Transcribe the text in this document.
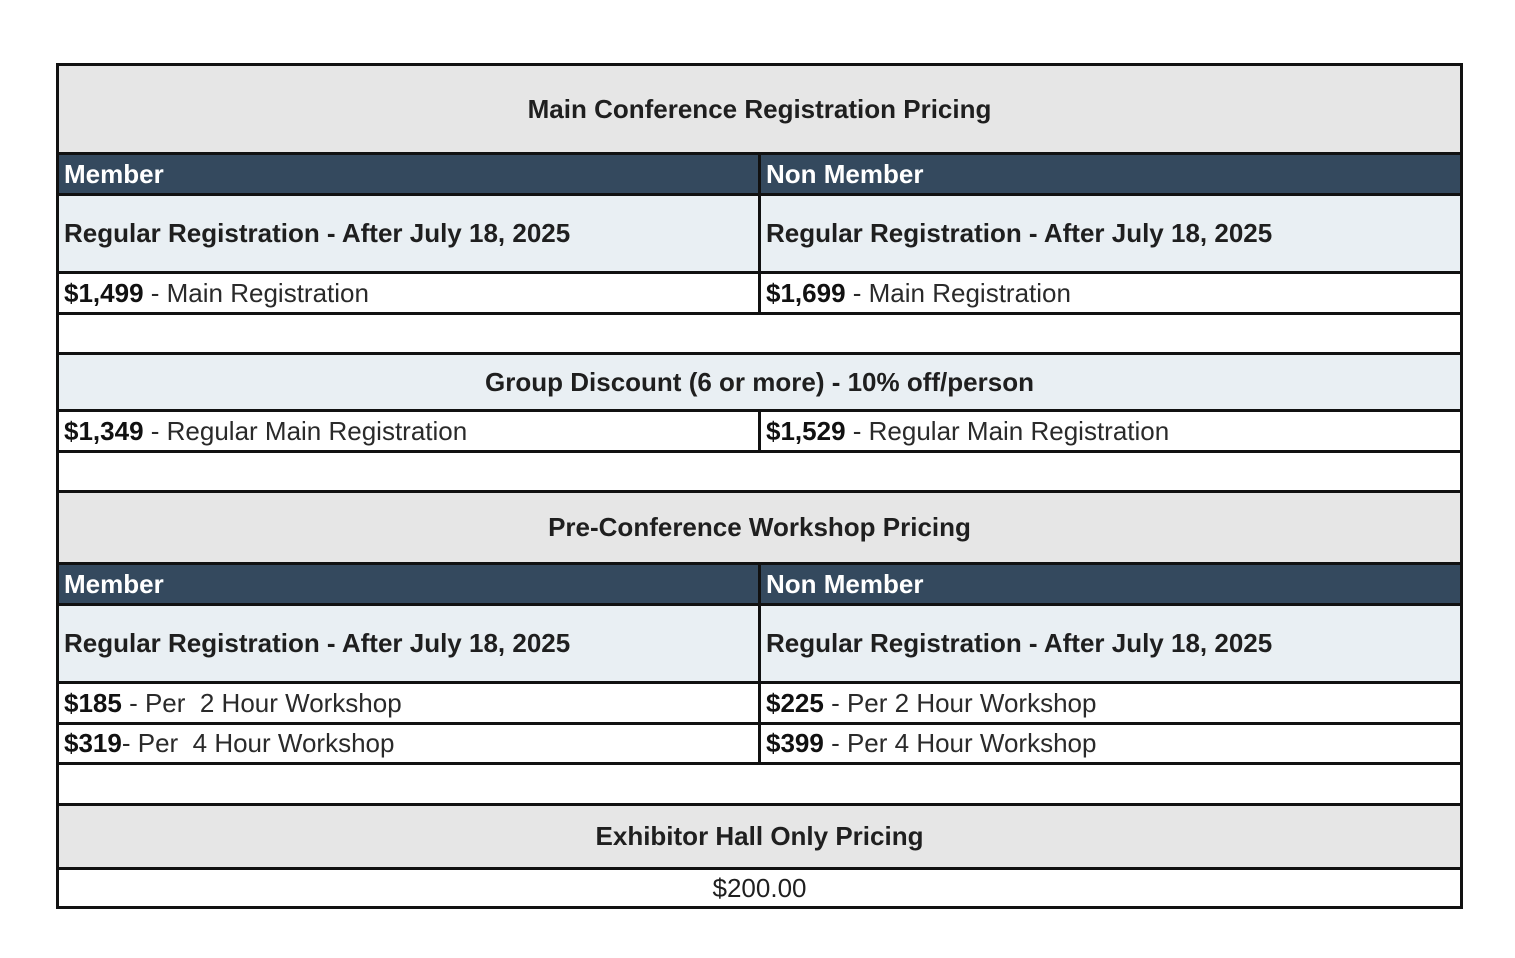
Main Conference Registration Pricing
Member	Non Member
Regular Registration - After July 18, 2025	Regular Registration - After July 18, 2025
$1,499 - Main Registration	$1,699 - Main Registration
Group Discount (6 or more) - 10% off/person
$1,349 - Regular Main Registration	$1,529 - Regular Main Registration
Pre-Conference Workshop Pricing
Member	Non Member
Regular Registration - After July 18, 2025	Regular Registration - After July 18, 2025
$185 - Per  2 Hour Workshop	$225 - Per 2 Hour Workshop
$319 - Per  4 Hour Workshop	$399 - Per 4 Hour Workshop
Exhibitor Hall Only Pricing
$200.00
